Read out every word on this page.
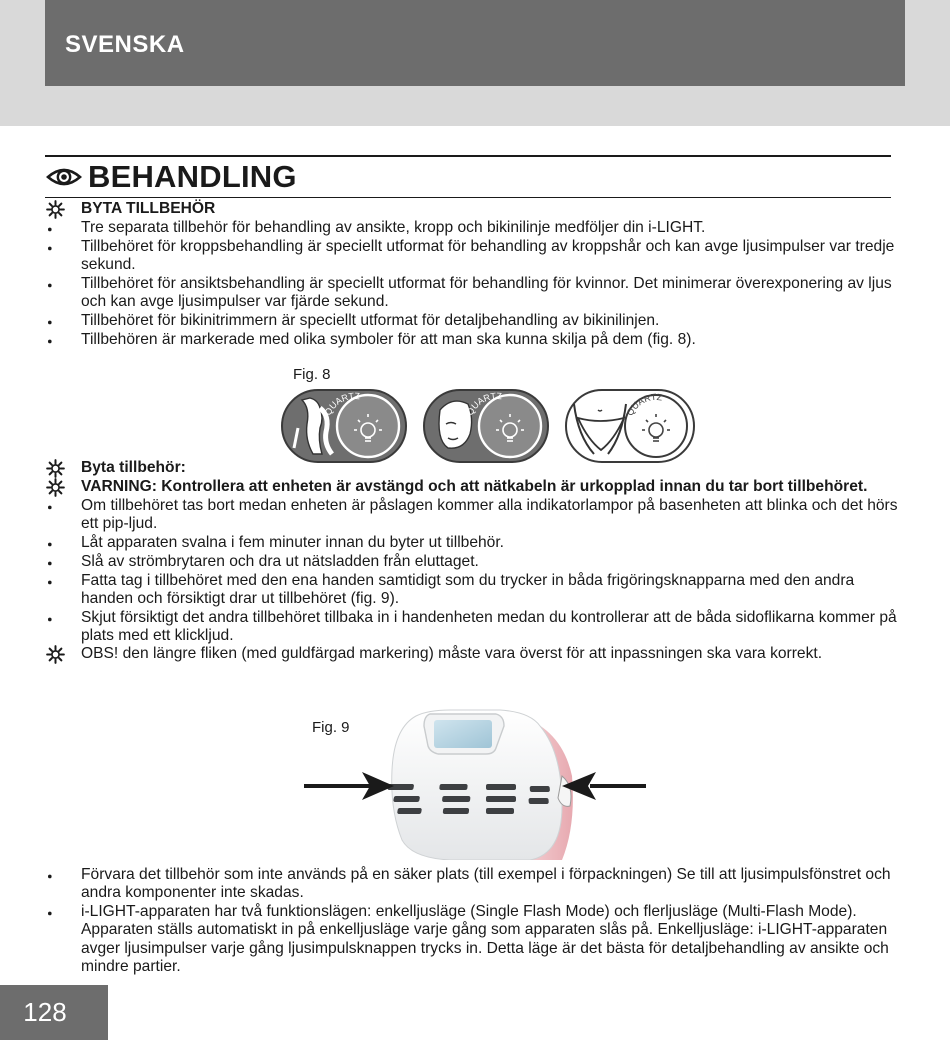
SVENSKA
BEHANDLING
BYTA TILLBEHÖR
Tre separata tillbehör för behandling av ansikte, kropp och bikinilinje medföljer din i-LIGHT.
Tillbehöret för kroppsbehandling är speciellt utformat för behandling av kroppshår och kan avge ljusimpulser var tredje sekund.
Tillbehöret för ansiktsbehandling är speciellt utformat för behandling för kvinnor. Det minimerar överexponering av ljus och kan avge ljusimpulser var fjärde sekund.
Tillbehöret för bikinitrimmern är speciellt utformat för detaljbehandling av bikinilinjen.
Tillbehören är markerade med olika symboler för att man ska kunna skilja på dem (fig. 8).
Fig. 8
QUARTZ
QUARTZ
QUARTZ
Byta tillbehör:
VARNING: Kontrollera att enheten är avstängd och att nätkabeln är urkopplad innan du tar bort tillbehöret.
Om tillbehöret tas bort medan enheten är påslagen kommer alla indikatorlampor på basenheten att blinka och det hörs ett pip-ljud.
Låt apparaten svalna i fem minuter innan du byter ut tillbehör.
Slå av strömbrytaren och dra ut nätsladden från eluttaget.
Fatta tag i tillbehöret med den ena handen samtidigt som du trycker in båda frigöringsknapparna med den andra handen och försiktigt drar ut tillbehöret (fig. 9).
Skjut försiktigt det andra tillbehöret tillbaka in i handenheten medan du kontrollerar att de båda sidoflikarna kommer på plats med ett klickljud.
OBS! den längre fliken (med guldfärgad markering) måste vara överst för att inpassningen ska vara korrekt.
Fig. 9
Förvara det tillbehör som inte används på en säker plats (till exempel i förpackningen) Se till att ljusimpulsfönstret och andra komponenter inte skadas.
i-LIGHT-apparaten har två funktionslägen: enkelljusläge (Single Flash Mode) och flerljusläge (Multi-Flash Mode). Apparaten ställs automatiskt in på enkelljusläge varje gång som apparaten slås på. Enkelljusläge: i-LIGHT-apparaten avger ljusimpulser varje gång ljusimpulsknappen trycks in. Detta läge är det bästa för detaljbehandling av ansikte och mindre partier.
128
